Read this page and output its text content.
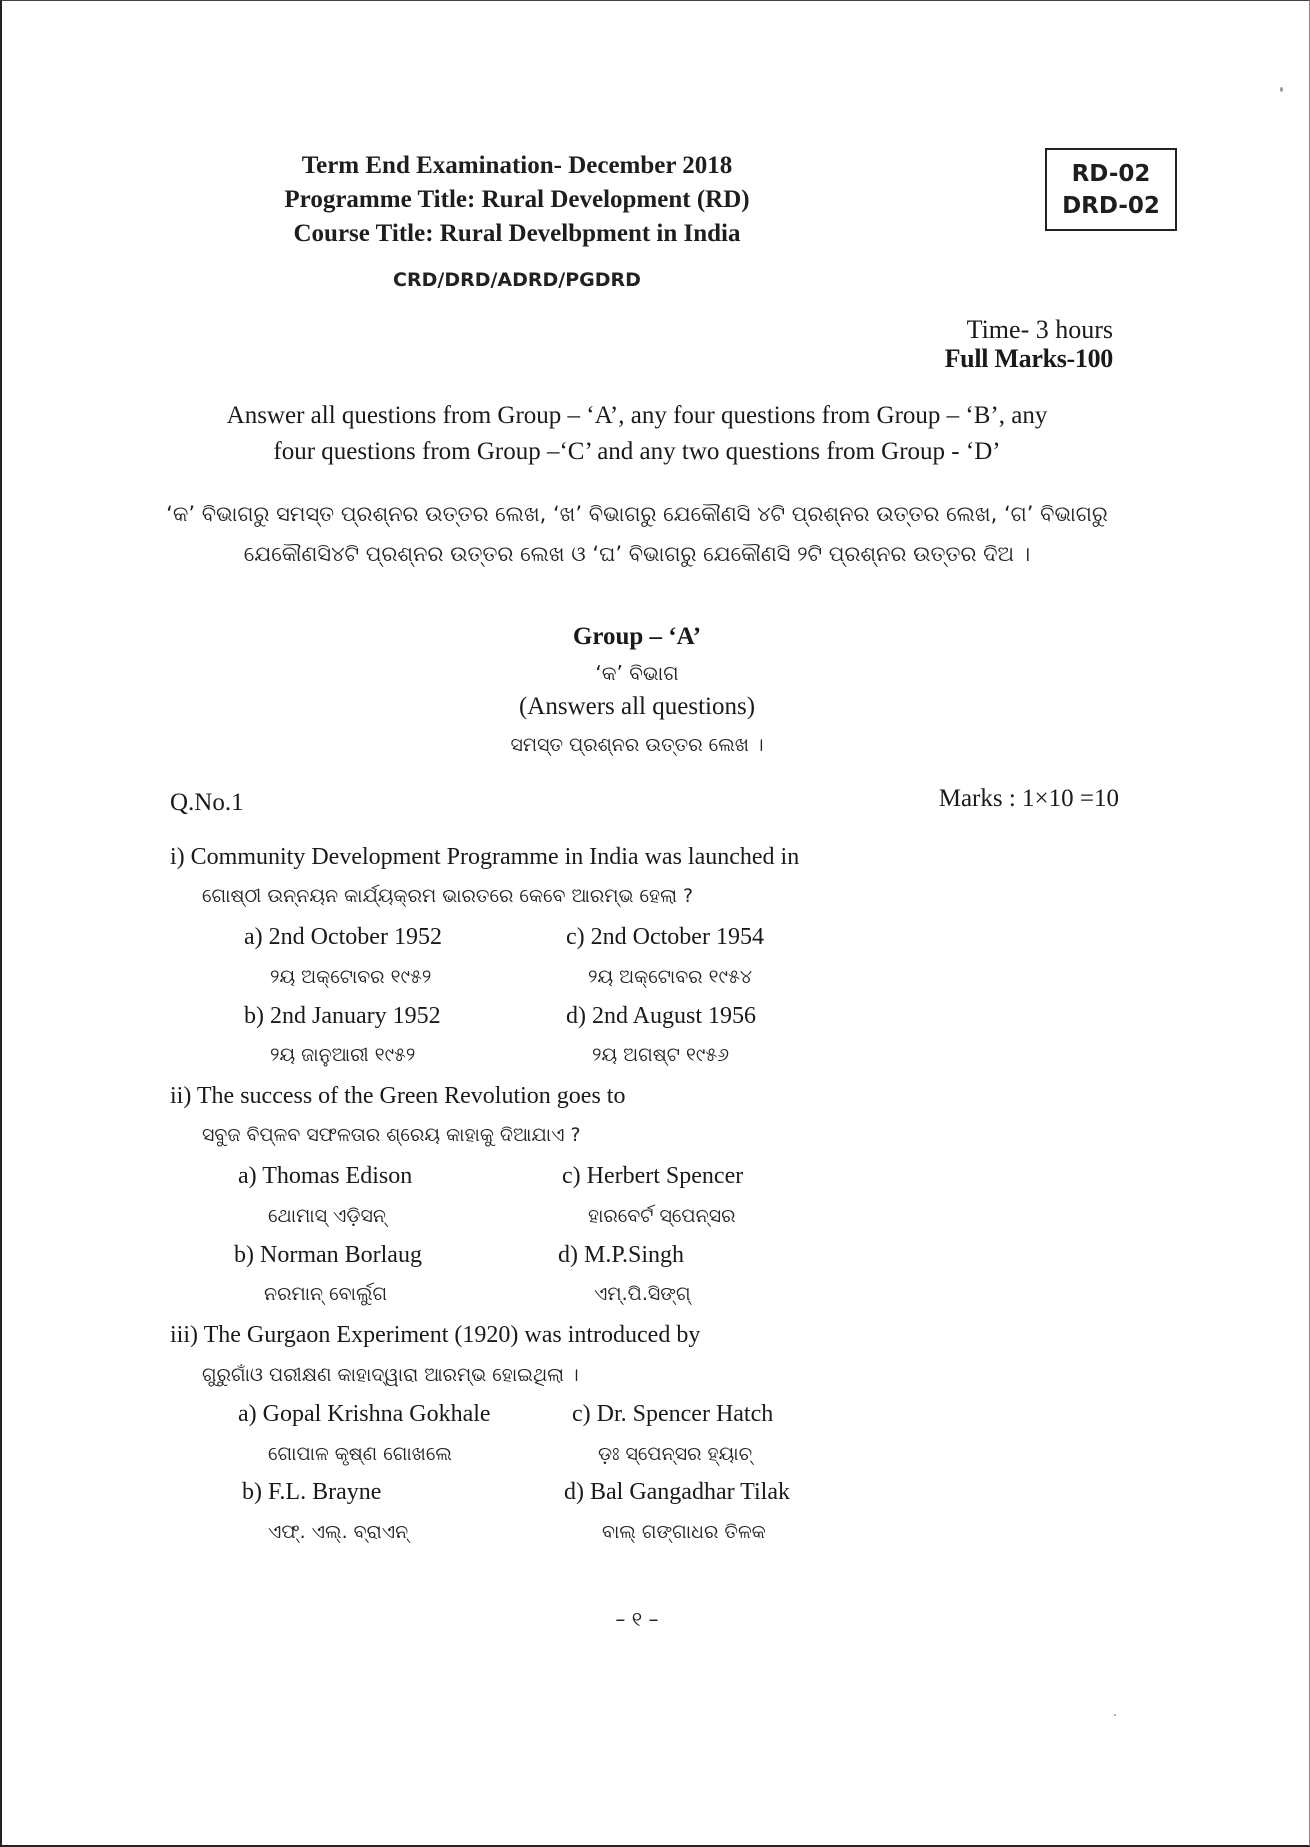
Term End Examination- December 2018
Programme Title: Rural Development (RD)
Course Title: Rural Develbpment in India
CRD/DRD/ADRD/PGDRD
RD-02
DRD-02
Time- 3 hours
Full Marks-100
Answer all questions from Group – ‘A’, any four questions from Group – ‘B’, any
four questions from Group –‘C’ and any two questions from Group - ‘D’
‘କ’ ବିଭାଗରୁ ସମସ୍ତ ପ୍ରଶ୍ନର ଉତ୍ତର ଲେଖ, ‘ଖ’ ବିଭାଗରୁ ଯେକୌଣସି ୪ଟି ପ୍ରଶ୍ନର ଉତ୍ତର ଲେଖ, ‘ଗ’ ବିଭାଗରୁ
ଯେକୌଣସି୪ଟି ପ୍ରଶ୍ନର ଉତ୍ତର ଲେଖ ଓ ‘ଘ’ ବିଭାଗରୁ ଯେକୌଣସି ୨ଟି ପ୍ରଶ୍ନର ଉତ୍ତର ଦିଅ ।
Group – ‘A’
‘କ’ ବିଭାଗ
(Answers all questions)
ସମସ୍ତ ପ୍ରଶ୍ନର ଉତ୍ତର ଲେଖ ।
Q.No.1	Marks : 1×10 =10
i) Community Development Programme in India was launched in
ଗୋଷ୍ଠୀ ଉନ୍ନୟନ କାର୍ଯ୍ୟକ୍ରମ ଭାରତରେ କେବେ ଆରମ୍ଭ ହେଲା ?
a) 2nd October 1952
୨ୟ ଅକ୍ଟୋବର ୧୯୫୨
c) 2nd October 1954
୨ୟ ଅକ୍ଟୋବର ୧୯୫୪
b) 2nd January 1952
୨ୟ ଜାନୁଆରୀ ୧୯୫୨
d) 2nd August 1956
୨ୟ ଅଗଷ୍ଟ ୧୯୫୬
ii) The success of the Green Revolution goes to
ସବୁଜ ବିପ୍ଳବ ସଫଳତାର ଶ୍ରେୟ କାହାକୁ ଦିଆଯାଏ ?
a) Thomas Edison
ଥୋମାସ୍ ଏଡ଼ିସନ୍
c) Herbert Spencer
ହାରବେର୍ଟ ସ୍ପେନ୍ସର
b) Norman Borlaug
ନରମାନ୍ ବୋର୍ଲୁଗ
d) M.P.Singh
ଏମ୍.ପି.ସିଙ୍ଗ୍
iii) The Gurgaon Experiment (1920) was introduced by
ଗୁରୁଗାଁଓ ପରୀକ୍ଷଣ କାହାଦ୍ୱାରା ଆରମ୍ଭ ହୋଇଥିଲା ।
a) Gopal Krishna Gokhale
ଗୋପାଳ କୃଷ୍ଣ ଗୋଖଲେ
c) Dr. Spencer Hatch
ଡ଼ଃ ସ୍ପେନ୍ସର ହ୍ୟାଚ୍
b) F.L. Brayne
ଏଫ୍. ଏଲ୍. ବ୍ରାଏନ୍
d) Bal Gangadhar Tilak
ବାଲ୍ ଗଙ୍ଗାଧର ତିଳକ
– ୧ –
